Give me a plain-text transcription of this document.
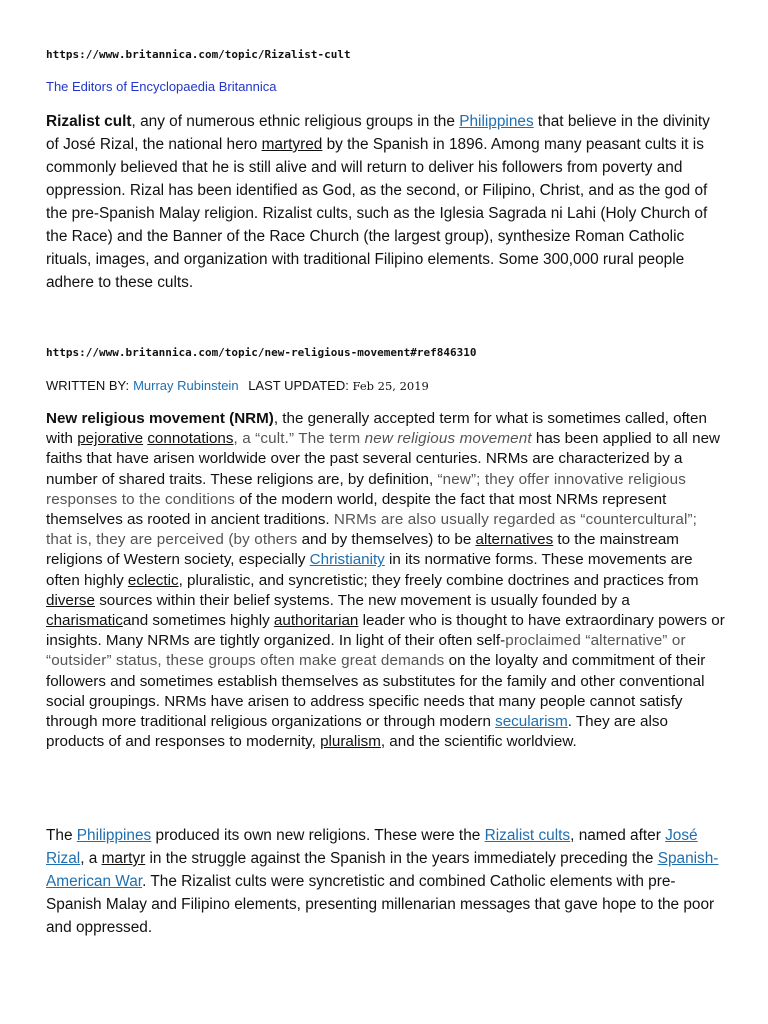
https://www.britannica.com/topic/Rizalist-cult
The Editors of Encyclopaedia Britannica

Rizalist cult, any of numerous ethnic religious groups in the Philippines that believe in the divinity of José Rizal, the national hero martyred by the Spanish in 1896. Among many peasant cults it is commonly believed that he is still alive and will return to deliver his followers from poverty and oppression. Rizal has been identified as God, as the second, or Filipino, Christ, and as the god of the pre-Spanish Malay religion. Rizalist cults, such as the Iglesia Sagrada ni Lahi (Holy Church of the Race) and the Banner of the Race Church (the largest group), synthesize Roman Catholic rituals, images, and organization with traditional Filipino elements. Some 300,000 rural people adhere to these cults.

https://www.britannica.com/topic/new-religious-movement#ref846310
WRITTEN BY: Murray Rubinstein LAST UPDATED: Feb 25, 2019

New religious movement (NRM), the generally accepted term for what is sometimes called, often with pejorative connotations, a “cult.” The term new religious movement has been applied to all new faiths that have arisen worldwide over the past several centuries. NRMs are characterized by a number of shared traits. These religions are, by definition, “new”; they offer innovative religious responses to the conditions of the modern world, despite the fact that most NRMs represent themselves as rooted in ancient traditions. NRMs are also usually regarded as “countercultural”; that is, they are perceived (by others and by themselves) to be alternatives to the mainstream religions of Western society, especially Christianity in its normative forms. These movements are often highly eclectic, pluralistic, and syncretistic; they freely combine doctrines and practices from diverse sources within their belief systems. The new movement is usually founded by a charismaticand sometimes highly authoritarian leader who is thought to have extraordinary powers or insights. Many NRMs are tightly organized. In light of their often self-proclaimed “alternative” or “outsider” status, these groups often make great demands on the loyalty and commitment of their followers and sometimes establish themselves as substitutes for the family and other conventional social groupings. NRMs have arisen to address specific needs that many people cannot satisfy through more traditional religious organizations or through modern secularism. They are also products of and responses to modernity, pluralism, and the scientific worldview.

The Philippines produced its own new religions. These were the Rizalist cults, named after José Rizal, a martyr in the struggle against the Spanish in the years immediately preceding the Spanish-American War. The Rizalist cults were syncretistic and combined Catholic elements with pre-Spanish Malay and Filipino elements, presenting millenarian messages that gave hope to the poor and oppressed.
